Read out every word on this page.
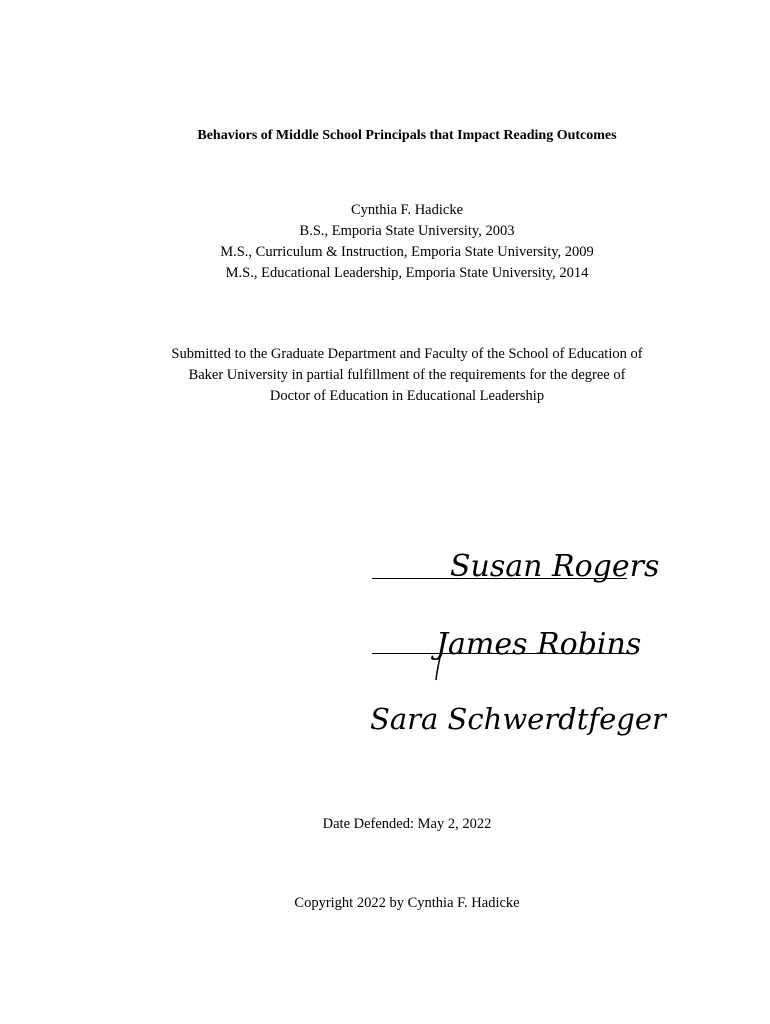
Behaviors of Middle School Principals that Impact Reading Outcomes
Cynthia F. Hadicke
B.S., Emporia State University, 2003
M.S., Curriculum & Instruction, Emporia State University, 2009
M.S., Educational Leadership, Emporia State University, 2014
Submitted to the Graduate Department and Faculty of the School of Education of
Baker University in partial fulfillment of the requirements for the degree of
Doctor of Education in Educational Leadership
Susan Rogers
James Robins
Sara Schwerdtfeger
Date Defended: May 2, 2022
Copyright 2022 by Cynthia F. Hadicke
